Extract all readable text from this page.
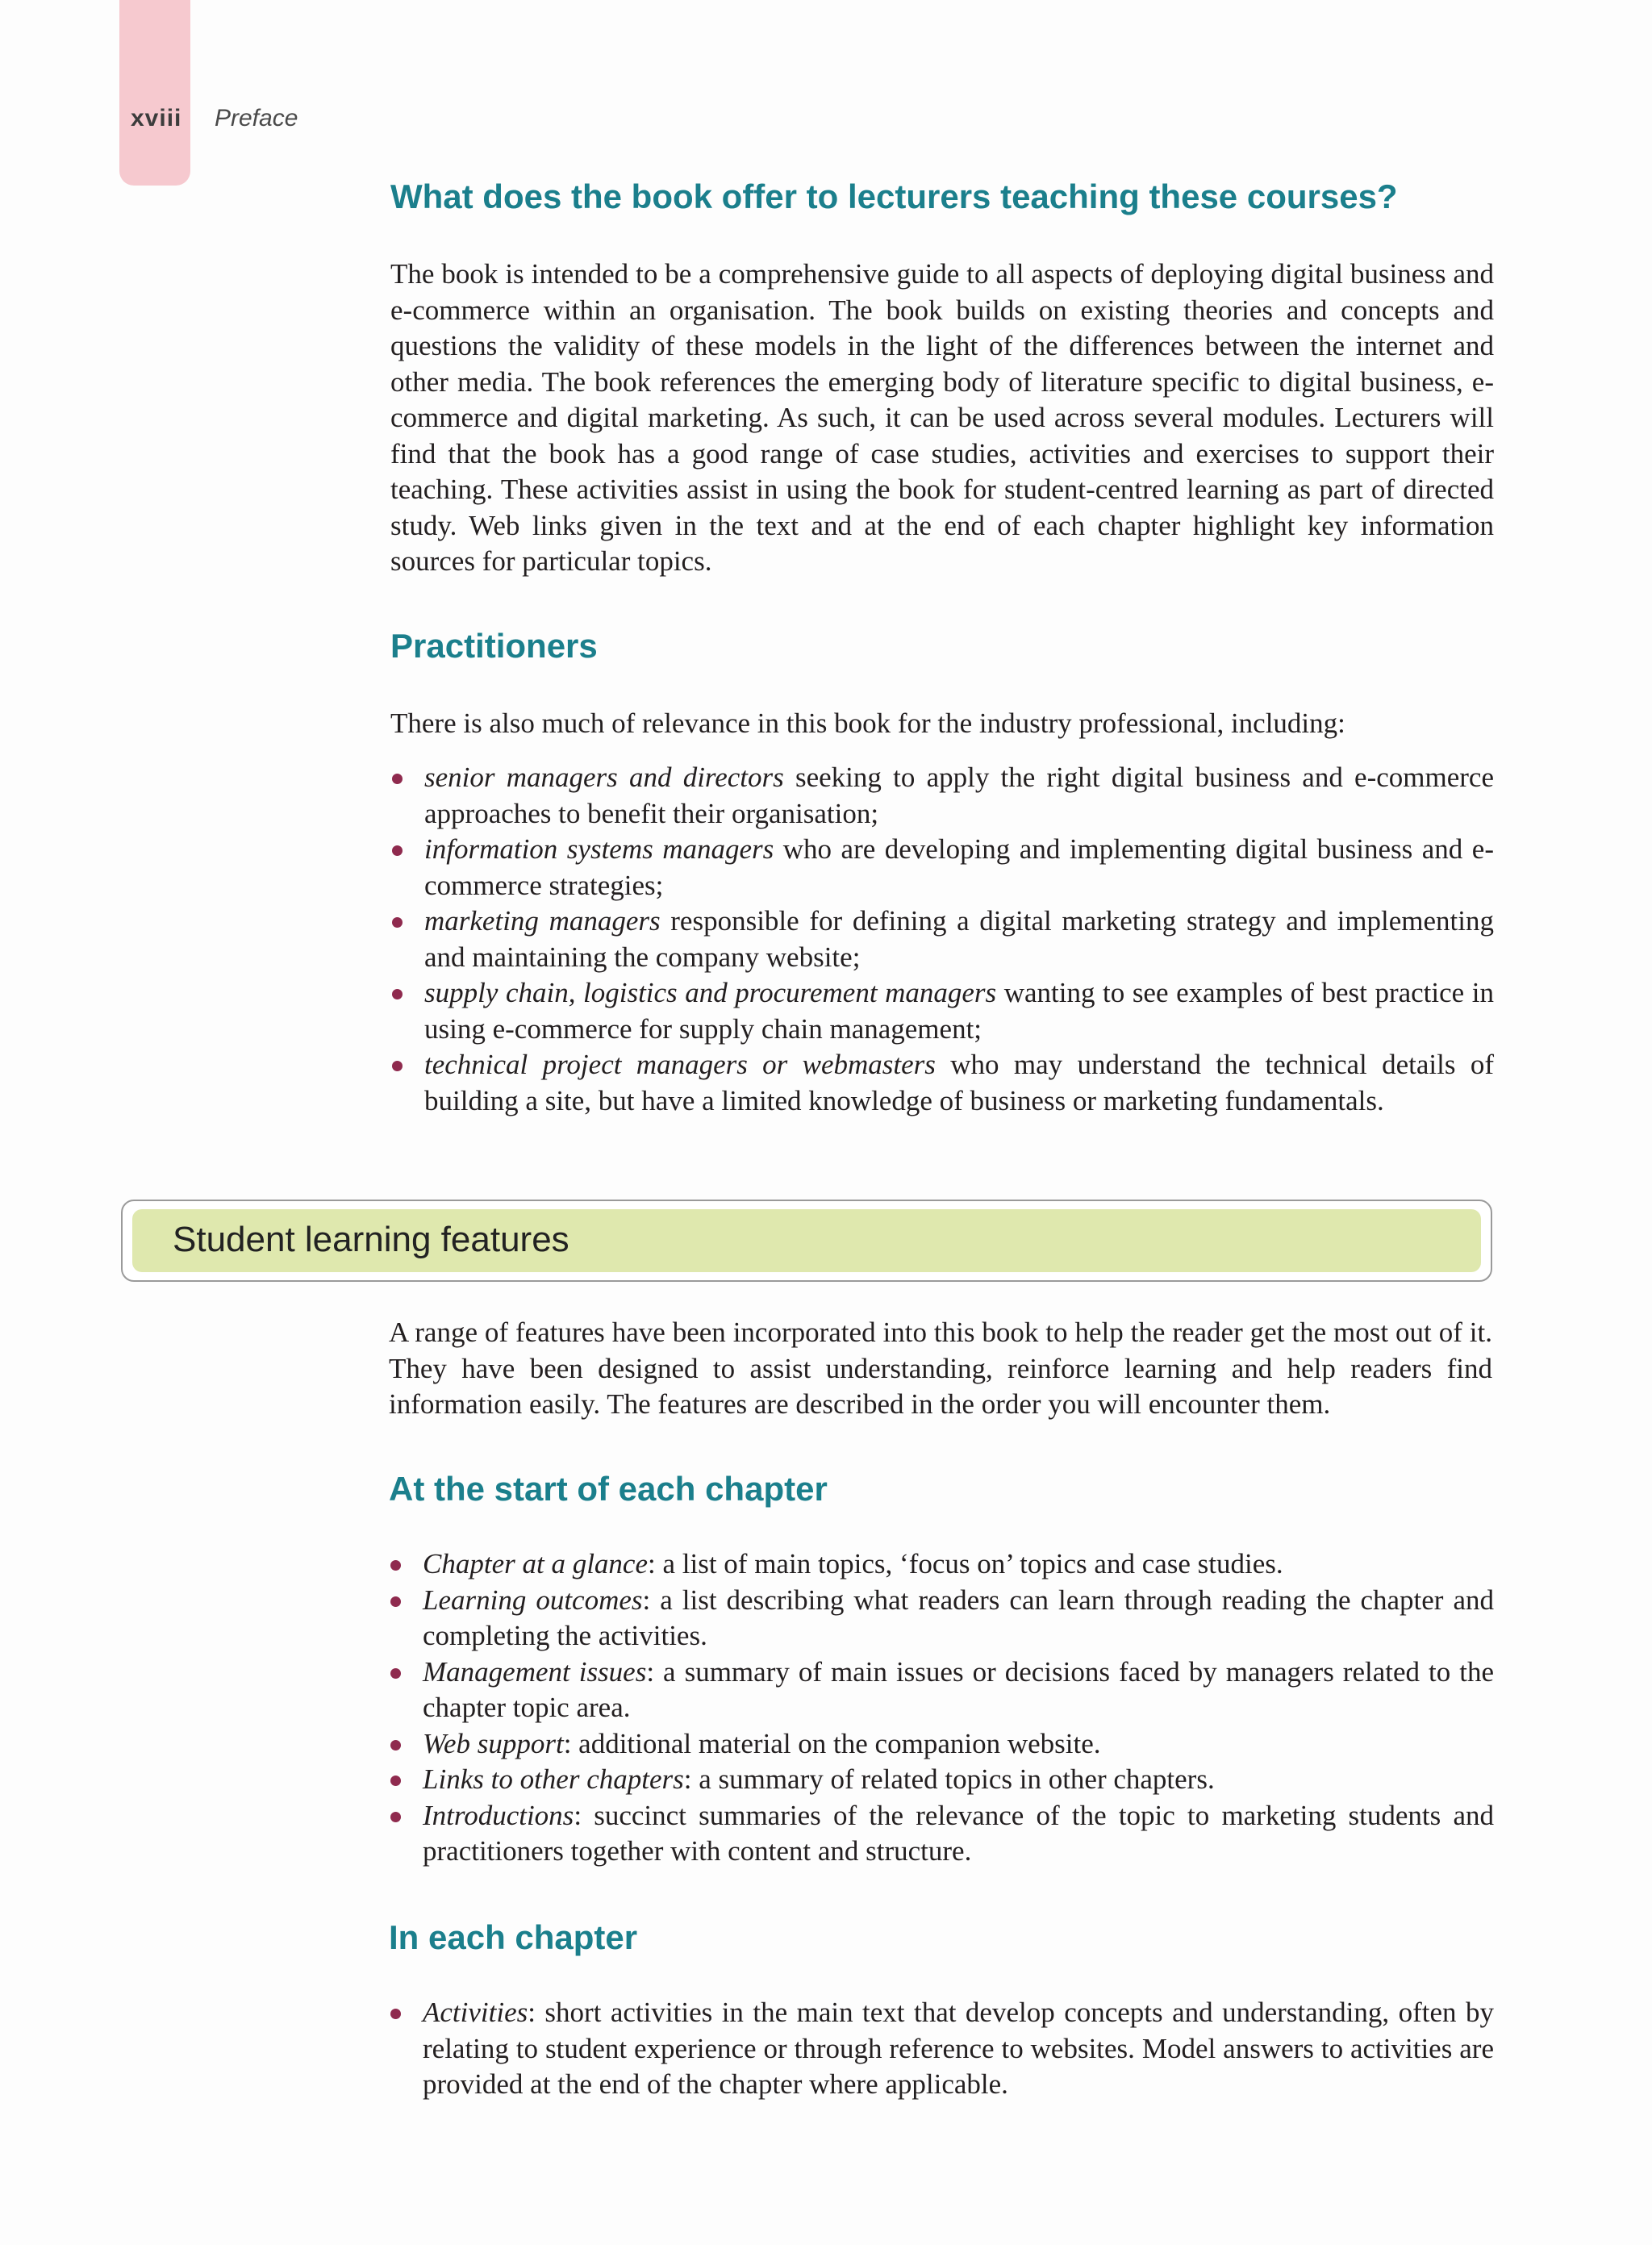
xviii Preface
What does the book offer to lecturers teaching these courses?

The book is intended to be a comprehensive guide to all aspects of deploying digital business and e-commerce within an organisation. The book builds on existing theories and concepts and questions the validity of these models in the light of the differences between the internet and other media. The book references the emerging body of literature specific to digital business, e-commerce and digital marketing. As such, it can be used across several modules. Lecturers will find that the book has a good range of case studies, activities and exercises to support their teaching. These activities assist in using the book for student-centred learning as part of directed study. Web links given in the text and at the end of each chapter highlight key information sources for particular topics.

Practitioners

There is also much of relevance in this book for the industry professional, including:

senior managers and directors seeking to apply the right digital business and e-commerce approaches to benefit their organisation;
information systems managers who are developing and implementing digital business and e-commerce strategies;
marketing managers responsible for defining a digital marketing strategy and implementing and maintaining the company website;
supply chain, logistics and procurement managers wanting to see examples of best practice in using e-commerce for supply chain management;
technical project managers or webmasters who may understand the technical details of building a site, but have a limited knowledge of business or marketing fundamentals.
Student learning features

A range of features have been incorporated into this book to help the reader get the most out of it. They have been designed to assist understanding, reinforce learning and help readers find information easily. The features are described in the order you will encounter them.

At the start of each chapter
Chapter at a glance: a list of main topics, ‘focus on’ topics and case studies.
Learning outcomes: a list describing what readers can learn through reading the chapter and completing the activities.
Management issues: a summary of main issues or decisions faced by managers related to the chapter topic area.
Web support: additional material on the companion website.
Links to other chapters: a summary of related topics in other chapters.
Introductions: succinct summaries of the relevance of the topic to marketing students and practitioners together with content and structure.
In each chapter
Activities: short activities in the main text that develop concepts and understanding, often by relating to student experience or through reference to websites. Model answers to activities are provided at the end of the chapter where applicable.
